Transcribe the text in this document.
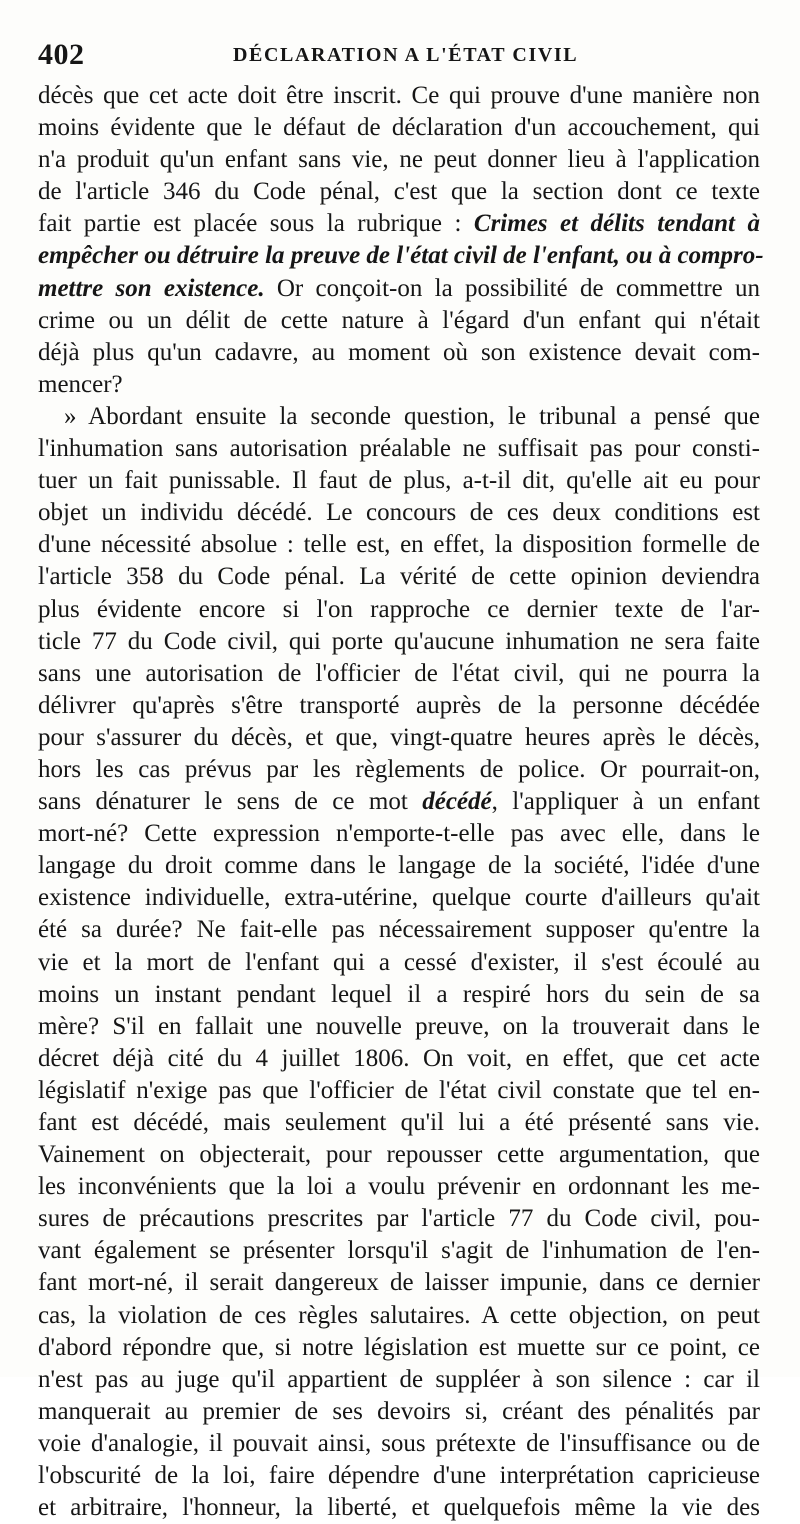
402	DÉCLARATION A L'ÉTAT CIVIL
décès que cet acte doit être inscrit. Ce qui prouve d'une manière non
moins évidente que le défaut de déclaration d'un accouchement, qui
n'a produit qu'un enfant sans vie, ne peut donner lieu à l'application
de l'article 346 du Code pénal, c'est que la section dont ce texte
fait partie est placée sous la rubrique : Crimes et délits tendant à
empêcher ou détruire la preuve de l'état civil de l'enfant, ou à compro-
mettre son existence. Or conçoit-on la possibilité de commettre un
crime ou un délit de cette nature à l'égard d'un enfant qui n'était
déjà plus qu'un cadavre, au moment où son existence devait com-
mencer?
» Abordant ensuite la seconde question, le tribunal a pensé que
l'inhumation sans autorisation préalable ne suffisait pas pour consti-
tuer un fait punissable. Il faut de plus, a-t-il dit, qu'elle ait eu pour
objet un individu décédé. Le concours de ces deux conditions est
d'une nécessité absolue : telle est, en effet, la disposition formelle de
l'article 358 du Code pénal. La vérité de cette opinion deviendra
plus évidente encore si l'on rapproche ce dernier texte de l'ar-
ticle 77 du Code civil, qui porte qu'aucune inhumation ne sera faite
sans une autorisation de l'officier de l'état civil, qui ne pourra la
délivrer qu'après s'être transporté auprès de la personne décédée
pour s'assurer du décès, et que, vingt-quatre heures après le décès,
hors les cas prévus par les règlements de police. Or pourrait-on,
sans dénaturer le sens de ce mot décédé, l'appliquer à un enfant
mort-né? Cette expression n'emporte-t-elle pas avec elle, dans le
langage du droit comme dans le langage de la société, l'idée d'une
existence individuelle, extra-utérine, quelque courte d'ailleurs qu'ait
été sa durée? Ne fait-elle pas nécessairement supposer qu'entre la
vie et la mort de l'enfant qui a cessé d'exister, il s'est écoulé au
moins un instant pendant lequel il a respiré hors du sein de sa
mère? S'il en fallait une nouvelle preuve, on la trouverait dans le
décret déjà cité du 4 juillet 1806. On voit, en effet, que cet acte
législatif n'exige pas que l'officier de l'état civil constate que tel en-
fant est décédé, mais seulement qu'il lui a été présenté sans vie.
Vainement on objecterait, pour repousser cette argumentation, que
les inconvénients que la loi a voulu prévenir en ordonnant les me-
sures de précautions prescrites par l'article 77 du Code civil, pou-
vant également se présenter lorsqu'il s'agit de l'inhumation de l'en-
fant mort-né, il serait dangereux de laisser impunie, dans ce dernier
cas, la violation de ces règles salutaires. A cette objection, on peut
d'abord répondre que, si notre législation est muette sur ce point, ce
n'est pas au juge qu'il appartient de suppléer à son silence : car il
manquerait au premier de ses devoirs si, créant des pénalités par
voie d'analogie, il pouvait ainsi, sous prétexte de l'insuffisance ou de
l'obscurité de la loi, faire dépendre d'une interprétation capricieuse
et arbitraire, l'honneur, la liberté, et quelquefois même la vie des
